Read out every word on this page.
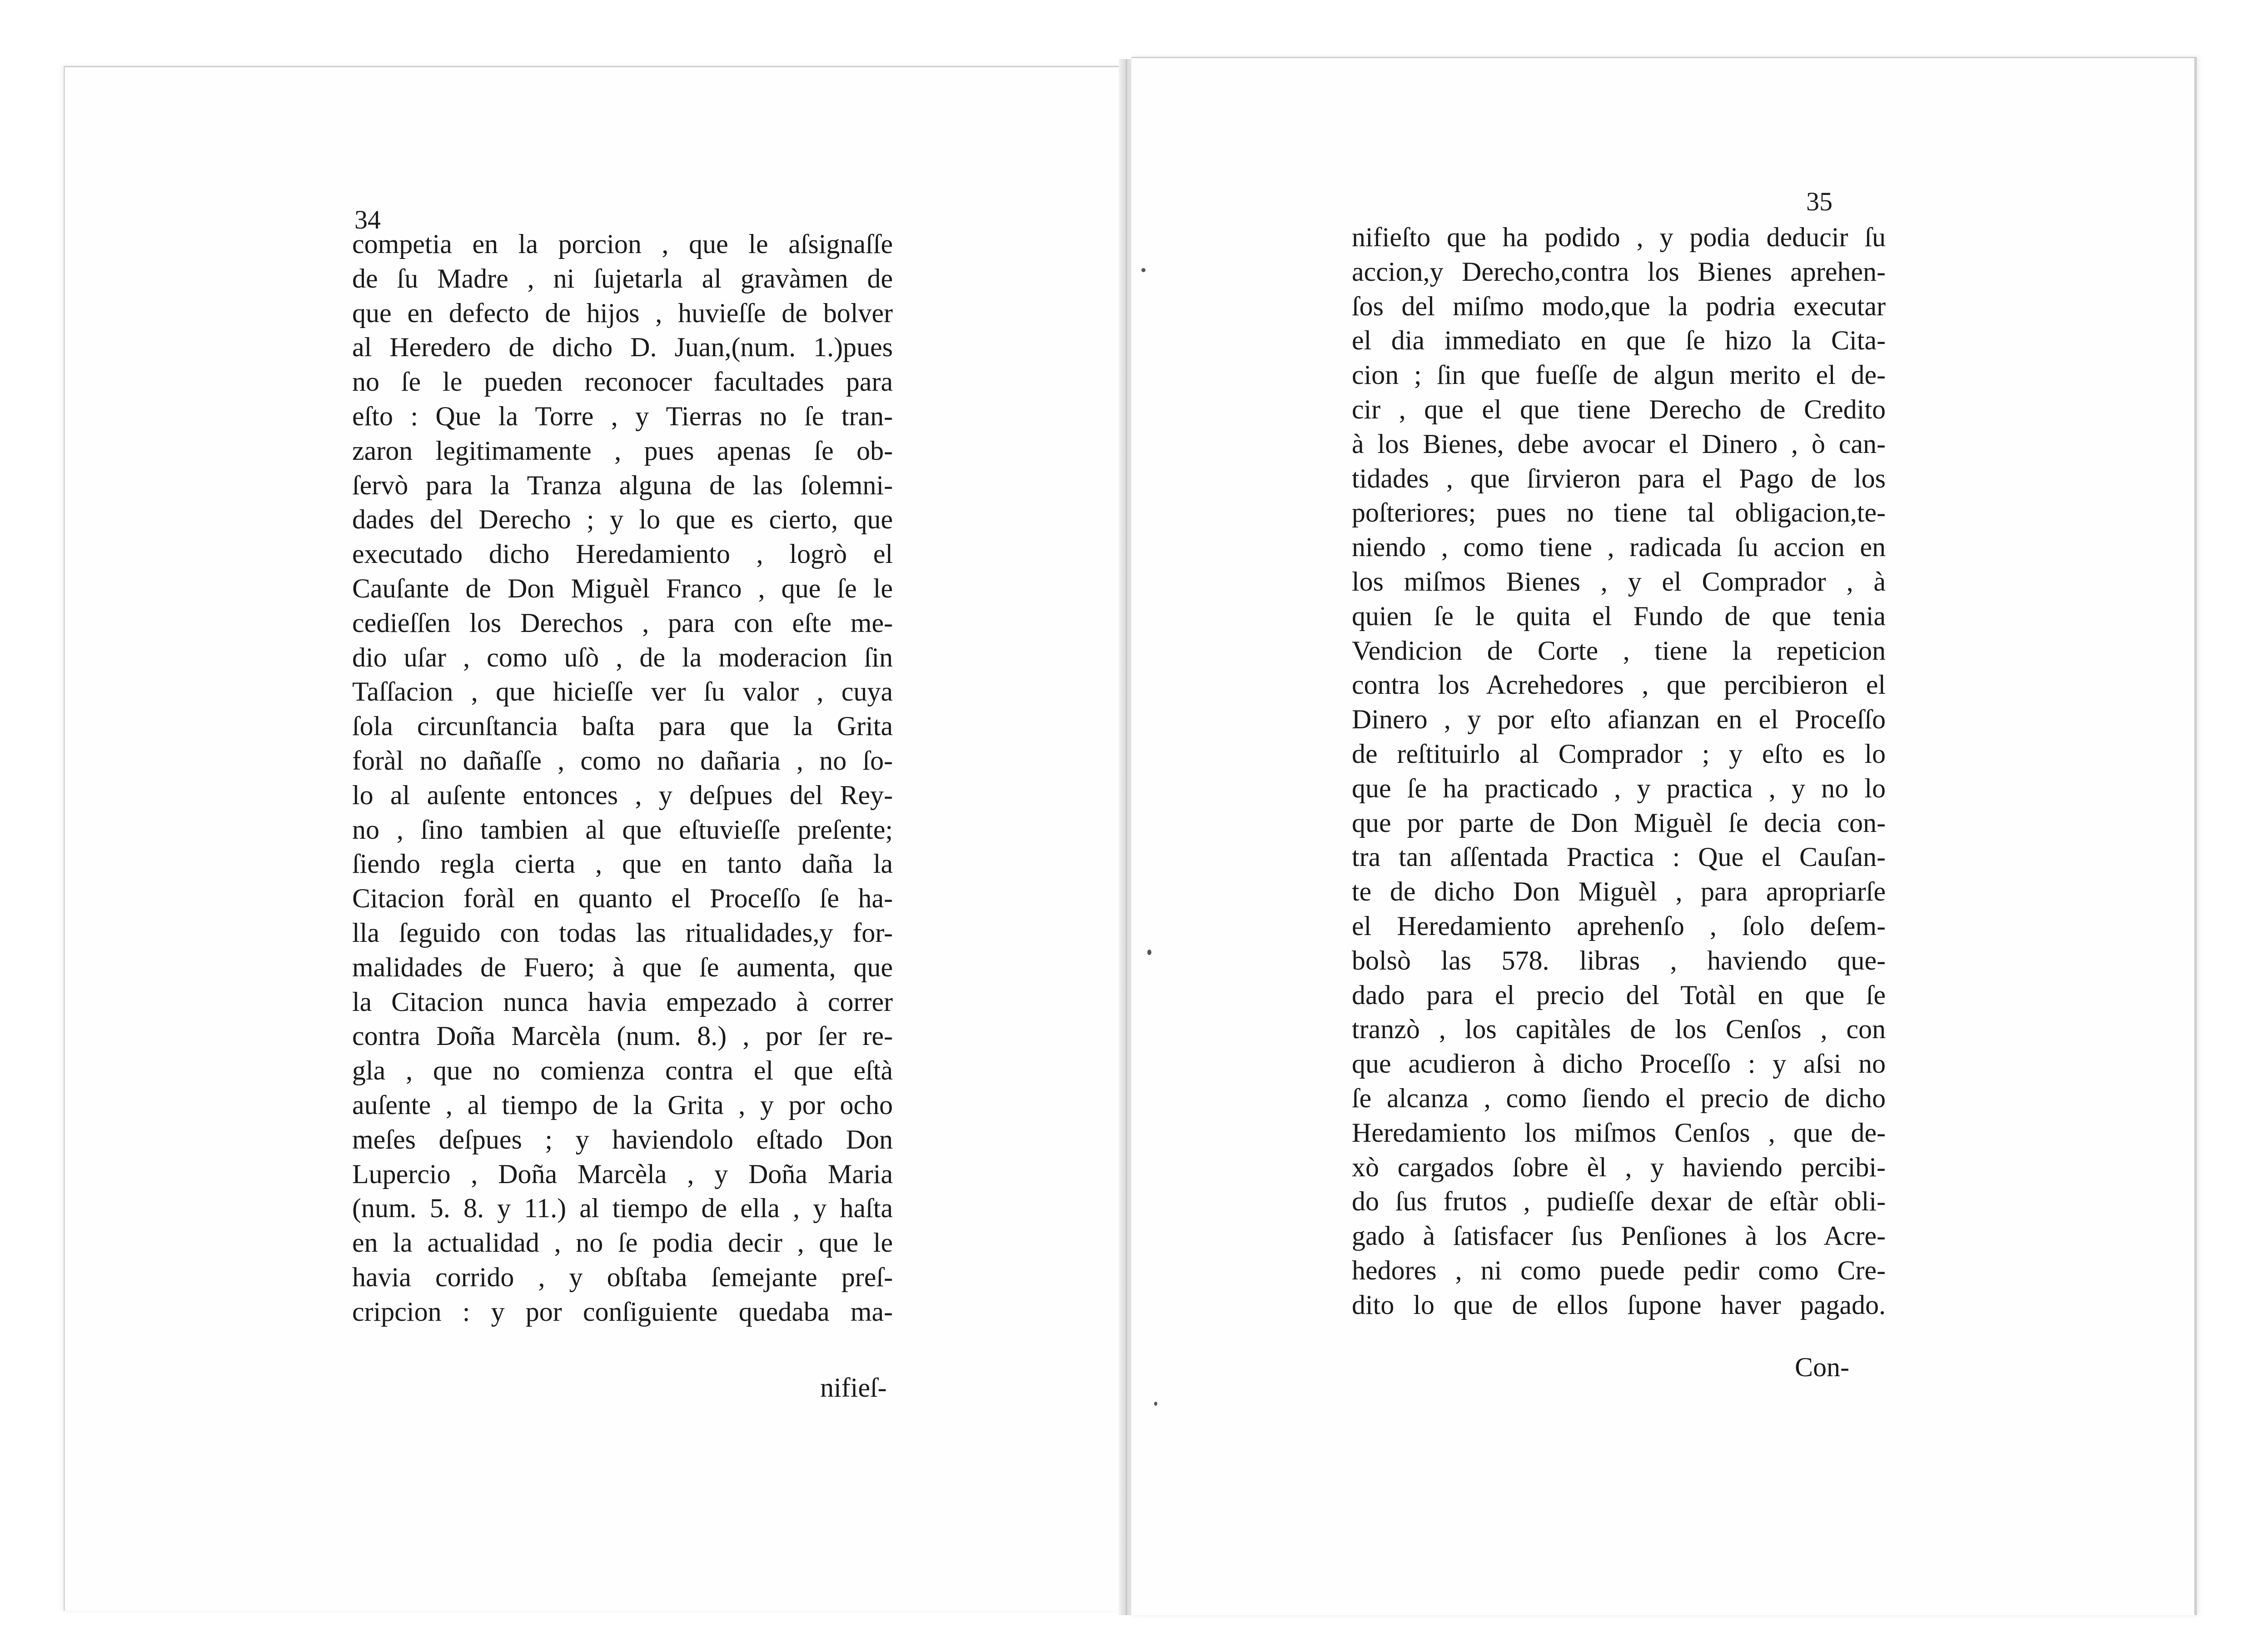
34
competia en la porcion , que le aſsignaſſe
de ſu Madre , ni ſujetarla al gravàmen de
que en defecto de hijos , huvieſſe de bolver
al Heredero de dicho D. Juan,(num. 1.)pues
no ſe le pueden reconocer facultades para
eſto : Que la Torre , y Tierras no ſe tran-
zaron legitimamente , pues apenas ſe ob-
ſervò para la Tranza alguna de las ſolemni-
dades del Derecho ; y lo que es cierto, que
executado dicho Heredamiento , logrò el
Cauſante de Don Miguèl Franco , que ſe le
cedieſſen los Derechos , para con eſte me-
dio uſar , como uſò , de la moderacion ſin
Taſſacion , que hicieſſe ver ſu valor , cuya
ſola circunſtancia baſta para que la Grita
foràl no dañaſſe , como no dañaria , no ſo-
lo al auſente entonces , y deſpues del Rey-
no , ſino tambien al que eſtuvieſſe preſente;
ſiendo regla cierta , que en tanto daña la
Citacion foràl en quanto el Proceſſo ſe ha-
lla ſeguido con todas las ritualidades,y for-
malidades de Fuero; à que ſe aumenta, que
la Citacion nunca havia empezado à correr
contra Doña Marcèla (num. 8.) , por ſer re-
gla , que no comienza contra el que eſtà
auſente , al tiempo de la Grita , y por ocho
meſes deſpues ; y haviendolo eſtado Don
Lupercio , Doña Marcèla , y Doña Maria
(num. 5. 8. y 11.) al tiempo de ella , y haſta
en la actualidad , no ſe podia decir , que le
havia corrido , y obſtaba ſemejante preſ-
cripcion : y por conſiguiente quedaba ma-
nifieſ-
35
nifieſto que ha podido , y podia deducir ſu
accion,y Derecho,contra los Bienes aprehen-
ſos del miſmo modo,que la podria executar
el dia immediato en que ſe hizo la Cita-
cion ; ſin que fueſſe de algun merito el de-
cir , que el que tiene Derecho de Credito
à los Bienes, debe avocar el Dinero , ò can-
tidades , que ſirvieron para el Pago de los
poſteriores; pues no tiene tal obligacion,te-
niendo , como tiene , radicada ſu accion en
los miſmos Bienes , y el Comprador , à
quien ſe le quita el Fundo de que tenia
Vendicion de Corte , tiene la repeticion
contra los Acrehedores , que percibieron el
Dinero , y por eſto afianzan en el Proceſſo
de reſtituirlo al Comprador ; y eſto es lo
que ſe ha practicado , y practica , y no lo
que por parte de Don Miguèl ſe decia con-
tra tan aſſentada Practica : Que el Cauſan-
te de dicho Don Miguèl , para apropriarſe
el Heredamiento aprehenſo , ſolo deſem-
bolsò las 578. libras , haviendo que-
dado para el precio del Totàl en que ſe
tranzò , los capitàles de los Cenſos , con
que acudieron à dicho Proceſſo : y aſsi no
ſe alcanza , como ſiendo el precio de dicho
Heredamiento los miſmos Cenſos , que de-
xò cargados ſobre èl , y haviendo percibi-
do ſus frutos , pudieſſe dexar de eſtàr obli-
gado à ſatisfacer ſus Penſiones à los Acre-
hedores , ni como puede pedir como Cre-
dito lo que de ellos ſupone haver pagado.
Con-
